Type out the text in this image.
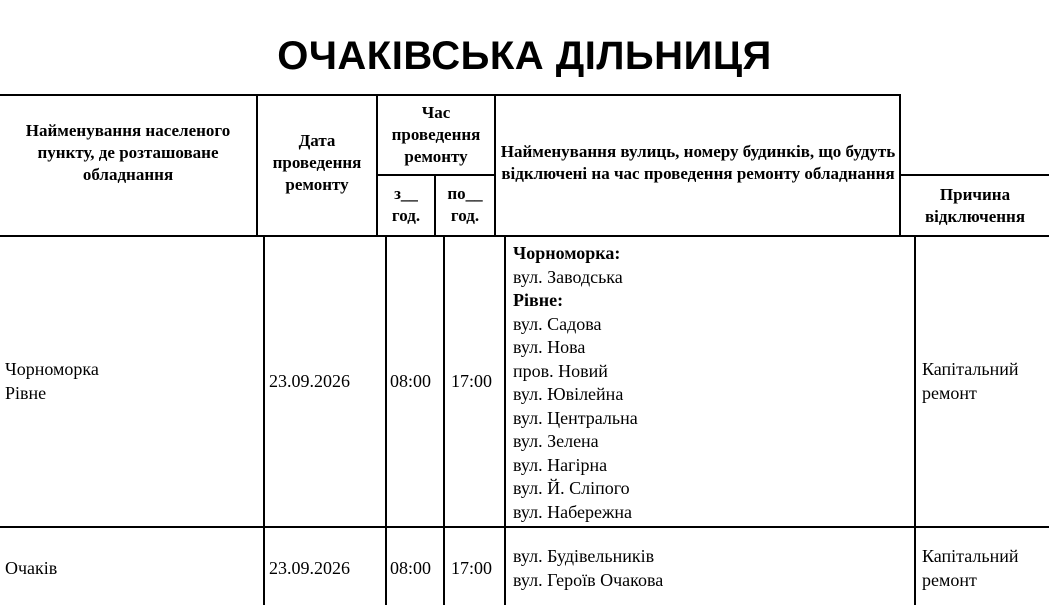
ОЧАКІВСЬКА ДІЛЬНИЦЯ
Найменування населеного пункту, де розташоване обладнання
Дата проведення ремонту
Час проведення ремонту
з__ год.
по__ год.
Найменування вулиць, номеру будинків, що будуть відключені на час проведення ремонту обладнання
Причина відключення
Чорноморка
Рівне
23.09.2026 08:00 17:00
Чорноморка:
вул. Заводська
Рівне:
вул. Садова
вул. Нова
пров. Новий
вул. Ювілейна
вул. Центральна
вул. Зелена
вул. Нагірна
вул. Й. Сліпого
вул. Набережна
Капітальний
ремонт
Очаків	23.09.2026 08:00 17:00
вул. Будівельників
вул. Героїв Очакова
Капітальний
ремонт
